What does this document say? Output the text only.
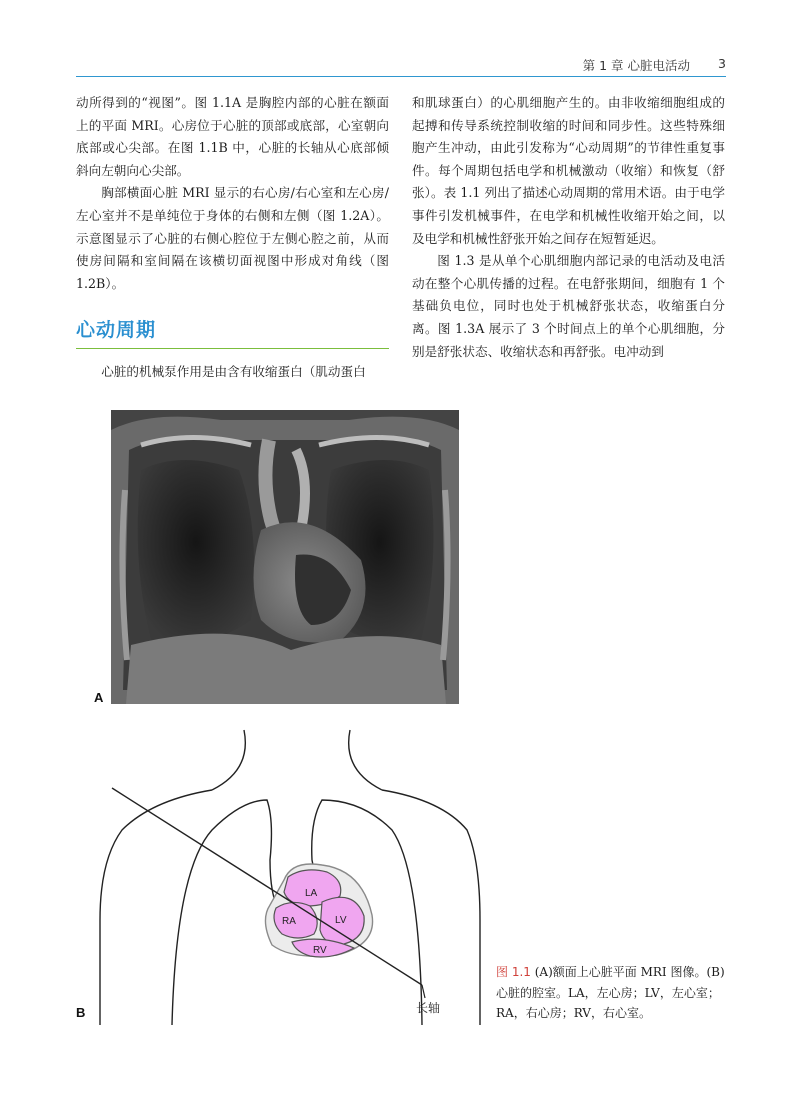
第 1 章 心脏电活动 3

动所得到的“视图”。图 1.1A 是胸腔内部的心脏在额面上的平面 MRI。心房位于心脏的顶部或底部，心室朝向底部或心尖部。在图 1.1B 中，心脏的长轴从心底部倾斜向左朝向心尖部。

胸部横面心脏 MRI 显示的右心房/右心室和左心房/左心室并不是单纯位于身体的右侧和左侧（图 1.2A）。示意图显示了心脏的右侧心腔位于左侧心腔之前，从而使房间隔和室间隔在该横切面视图中形成对角线（图 1.2B）。

心动周期

心脏的机械泵作用是由含有收缩蛋白（肌动蛋白

和肌球蛋白）的心肌细胞产生的。由非收缩细胞组成的起搏和传导系统控制收缩的时间和同步性。这些特殊细胞产生冲动，由此引发称为“心动周期”的节律性重复事件。每个周期包括电学和机械激动（收缩）和恢复（舒张）。表 1.1 列出了描述心动周期的常用术语。由于电学事件引发机械事件，在电学和机械性收缩开始之间，以及电学和机械性舒张开始之间存在短暂延迟。

图 1.3 是从单个心肌细胞内部记录的电活动及电活动在整个心肌传播的过程。在电舒张期间，细胞有 1 个基础负电位，同时也处于机械舒张状态，收缩蛋白分离。图 1.3A 展示了 3 个时间点上的单个心肌细胞，分别是舒张状态、收缩状态和再舒张。电冲动到

A
LA
LV
RA
RV
长轴
B
图 1.1 (A)额面上心脏平面 MRI 图像。(B)心脏的腔室。LA，左心房；LV，左心室；RA，右心房；RV，右心室。
